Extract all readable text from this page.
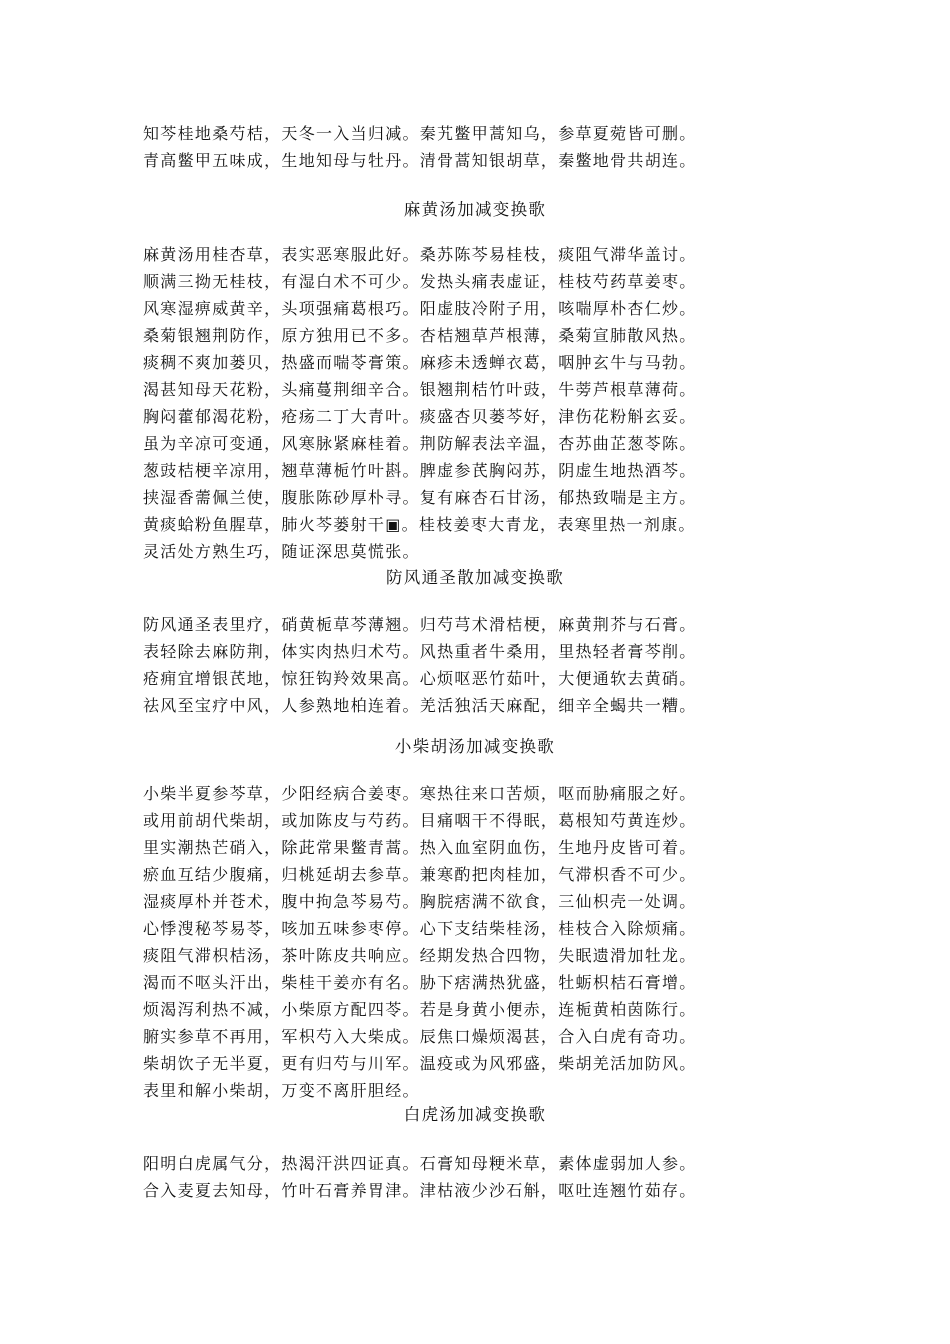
知芩桂地桑芍桔，天冬一入当归减。秦艽鳖甲蒿知乌，参草夏菀皆可删。
青高鳖甲五味成，生地知母与牡丹。清骨蒿知银胡草，秦鳖地骨共胡连。
麻黄汤加减变换歌
麻黄汤用桂杏草，表实恶寒服此好。桑苏陈芩易桂枝，痰阻气滞华盖讨。
顺满三拗无桂枝，有湿白术不可少。发热头痛表虚证，桂枝芍药草姜枣。
风寒湿痹威黄辛，头项强痛葛根巧。阳虚肢冷附子用，咳喘厚朴杏仁炒。
桑菊银翘荆防作，原方独用已不多。杏桔翘草芦根薄，桑菊宣肺散风热。
痰稠不爽加蒌贝，热盛而喘苓膏策。麻疹未透蝉衣葛，咽肿玄牛与马勃。
渴甚知母天花粉，头痛蔓荆细辛合。银翘荆桔竹叶豉，牛蒡芦根草薄荷。
胸闷藿郁渴花粉，疮疡二丁大青叶。痰盛杏贝蒌芩好，津伤花粉斛玄妥。
虽为辛凉可变通，风寒脉紧麻桂着。荆防解表法辛温，杏苏曲芷葱苓陈。
葱豉桔梗辛凉用，翘草薄栀竹叶斟。脾虚参芪胸闷苏，阴虚生地热酒芩。
挟湿香薷佩兰使，腹胀陈砂厚朴寻。复有麻杏石甘汤，郁热致喘是主方。
黄痰蛤粉鱼腥草，肺火芩蒌射干▣。桂枝姜枣大青龙，表寒里热一剂康。
灵活处方熟生巧，随证深思莫慌张。
防风通圣散加减变换歌
防风通圣表里疗，硝黄栀草芩薄翘。归芍芎术滑桔梗，麻黄荆芥与石膏。
表轻除去麻防荆，体实肉热归术芍。风热重者牛桑用，里热轻者膏芩削。
疮痈宜增银芪地，惊狂钩羚效果高。心烦呕恶竹茹叶，大便通软去黄硝。
祛风至宝疗中风，人参熟地柏连着。羌活独活天麻配，细辛全蝎共一糟。
小柴胡汤加减变换歌
小柴半夏参芩草，少阳经病合姜枣。寒热往来口苦烦，呕而胁痛服之好。
或用前胡代柴胡，或加陈皮与芍药。目痛咽干不得眠，葛根知芍黄连炒。
里实潮热芒硝入，除茈常果鳖青蒿。热入血室阴血伤，生地丹皮皆可着。
瘀血互结少腹痛，归桃延胡去参草。兼寒酌把肉桂加，气滞枳香不可少。
湿痰厚朴并苍术，腹中拘急芩易芍。胸脘痞满不欲食，三仙枳壳一处调。
心悸溲秘芩易苓，咳加五味参枣停。心下支结柴桂汤，桂枝合入除烦痛。
痰阻气滞枳桔汤，茶叶陈皮共响应。经期发热合四物，失眠遗滑加牡龙。
渴而不呕头汗出，柴桂干姜亦有名。胁下痞满热犹盛，牡蛎枳桔石膏增。
烦渴泻利热不减，小柴原方配四苓。若是身黄小便赤，连栀黄柏茵陈行。
腑实参草不再用，军枳芍入大柴成。辰焦口燥烦渴甚，合入白虎有奇功。
柴胡饮子无半夏，更有归芍与川军。温疫或为风邪盛，柴胡羌活加防风。
表里和解小柴胡，万变不离肝胆经。
白虎汤加减变换歌
阳明白虎属气分，热渴汗洪四证真。石膏知母粳米草，素体虚弱加人参。
合入麦夏去知母，竹叶石膏养胃津。津枯液少沙石斛，呕吐连翘竹茹存。
